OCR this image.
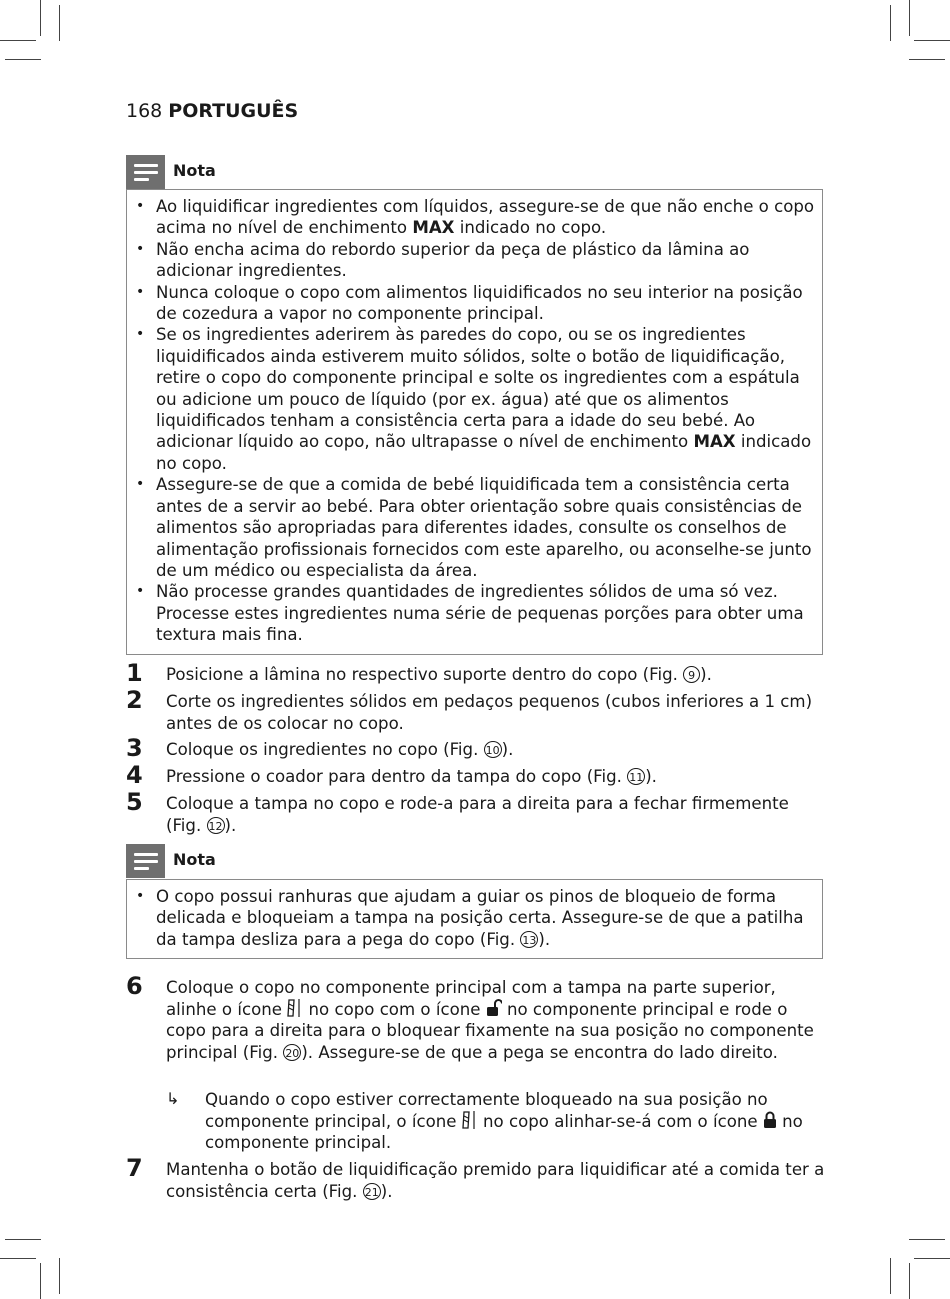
168 PORTUGUÊS
Nota
• Ao liquidificar ingredientes com líquidos, assegure-se de que não enche o copo acima no nível de enchimento MAX indicado no copo.
• Não encha acima do rebordo superior da peça de plástico da lâmina ao adicionar ingredientes.
• Nunca coloque o copo com alimentos liquidificados no seu interior na posição de cozedura a vapor no componente principal.
• Se os ingredientes aderirem às paredes do copo, ou se os ingredientes liquidificados ainda estiverem muito sólidos, solte o botão de liquidificação, retire o copo do componente principal e solte os ingredientes com a espátula ou adicione um pouco de líquido (por ex. água) até que os alimentos liquidificados tenham a consistência certa para a idade do seu bebé. Ao adicionar líquido ao copo, não ultrapasse o nível de enchimento MAX indicado no copo.
• Assegure-se de que a comida de bebé liquidificada tem a consistência certa antes de a servir ao bebé. Para obter orientação sobre quais consistências de alimentos são apropriadas para diferentes idades, consulte os conselhos de alimentação profissionais fornecidos com este aparelho, ou aconselhe-se junto de um médico ou especialista da área.
• Não processe grandes quantidades de ingredientes sólidos de uma só vez. Processe estes ingredientes numa série de pequenas porções para obter uma textura mais fina.
1 Posicione a lâmina no respectivo suporte dentro do copo (Fig. 9 ).
2 Corte os ingredientes sólidos em pedaços pequenos (cubos inferiores a 1 cm) antes de os colocar no copo.
3 Coloque os ingredientes no copo (Fig. 10 ).
4 Pressione o coador para dentro da tampa do copo (Fig. 11 ).
5 Coloque a tampa no copo e rode-a para a direita para a fechar firmemente (Fig. 12 ).
Nota
• O copo possui ranhuras que ajudam a guiar os pinos de bloqueio de forma delicada e bloqueiam a tampa na posição certa. Assegure-se de que a patilha da tampa desliza para a pega do copo (Fig. 13 ).
6 Coloque o copo no componente principal com a tampa na parte superior, alinhe o ícone  no copo com o ícone  no componente principal e rode o copo para a direita para o bloquear fixamente na sua posição no componente principal (Fig. 20 ). Assegure-se de que a pega se encontra do lado direito.
↳ Quando o copo estiver correctamente bloqueado na sua posição no componente principal, o ícone  no copo alinhar-se-á com o ícone  no componente principal.
7 Mantenha o botão de liquidificação premido para liquidificar até a comida ter a consistência certa (Fig. 21 ).
